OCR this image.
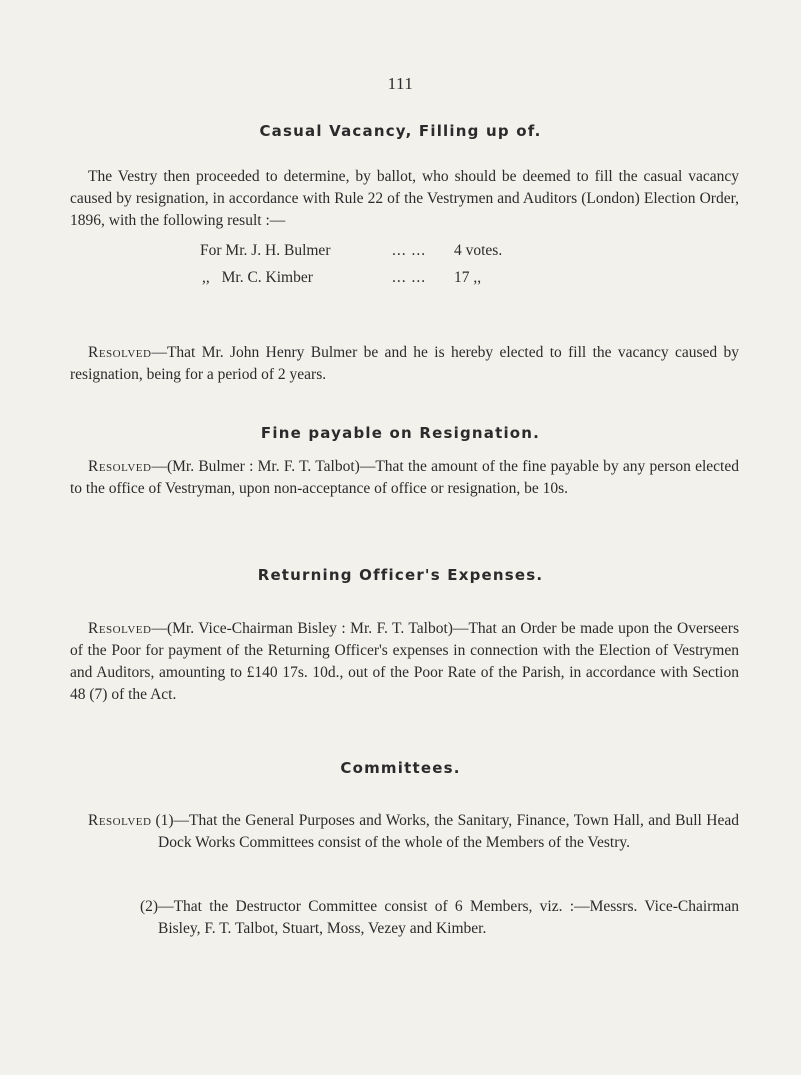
111
Casual Vacancy, Filling up of.
The Vestry then proceeded to determine, by ballot, who should be deemed to fill the casual vacancy caused by resignation, in accordance with Rule 22 of the Vestrymen and Auditors (London) Election Order, 1896, with the following result :—
For Mr. J. H. Bulmer	... ... 4 votes.
,, Mr. C. Kimber	... ... 17 ,,
Resolved—That Mr. John Henry Bulmer be and he is hereby elected to fill the vacancy caused by resignation, being for a period of 2 years.
Fine payable on Resignation.
Resolved—(Mr. Bulmer : Mr. F. T. Talbot)—That the amount of the fine payable by any person elected to the office of Vestryman, upon non-acceptance of office or resignation, be 10s.
Returning Officer's Expenses.
Resolved—(Mr. Vice-Chairman Bisley : Mr. F. T. Talbot)—That an Order be made upon the Overseers of the Poor for payment of the Returning Officer's expenses in connection with the Election of Vestrymen and Auditors, amounting to £140 17s. 10d., out of the Poor Rate of the Parish, in accordance with Section 48 (7) of the Act.
Committees.
Resolved (1)—That the General Purposes and Works, the Sanitary, Finance, Town Hall, and Bull Head Dock Works Committees consist of the whole of the Members of the Vestry.
(2)—That the Destructor Committee consist of 6 Members, viz. :—Messrs. Vice-Chairman Bisley, F. T. Talbot, Stuart, Moss, Vezey and Kimber.
